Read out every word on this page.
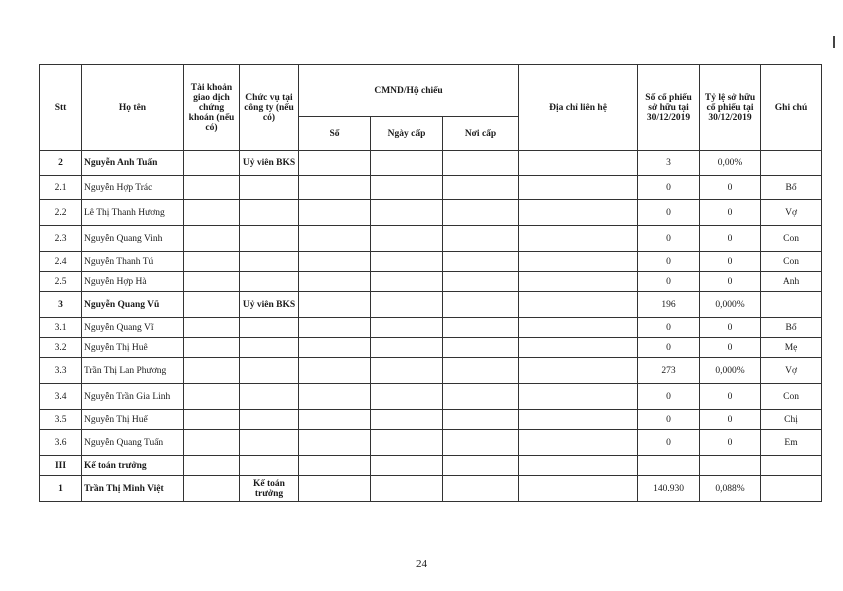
Stt	Họ tên	Tài khoản giao dịch chứng khoán (nếu có)	Chức vụ tại công ty (nếu có)	CMND/Hộ chiếu			Địa chỉ liên hệ	Số cổ phiếu sở hữu tại 30/12/2019	Tỷ lệ sở hữu cổ phiếu tại 30/12/2019	Ghi chú
				Số	Ngày cấp	Nơi cấp				
2	Nguyễn Anh Tuấn		Uỷ viên BKS					3	0,00%	
2.1	Nguyễn Hợp Trác							0	0	Bố
2.2	Lê Thị Thanh Hương							0	0	Vợ
2.3	Nguyễn Quang Vinh							0	0	Con
2.4	Nguyễn Thanh Tú							0	0	Con
2.5	Nguyễn Hợp Hà							0	0	Anh
3	Nguyễn Quang Vũ		Uỷ viên BKS					196	0,000%	
3.1	Nguyễn Quang Vĩ							0	0	Bố
3.2	Nguyễn Thị Huê							0	0	Mẹ
3.3	Trần Thị Lan Phương							273	0,000%	Vợ
3.4	Nguyễn Trần Gia Linh							0	0	Con
3.5	Nguyễn Thị Huế							0	0	Chị
3.6	Nguyễn Quang Tuấn							0	0	Em
III	Kế toán trưởng									
1	Trần Thị Minh Việt		Kế toán trưởng					140.930	0,088%	
24
